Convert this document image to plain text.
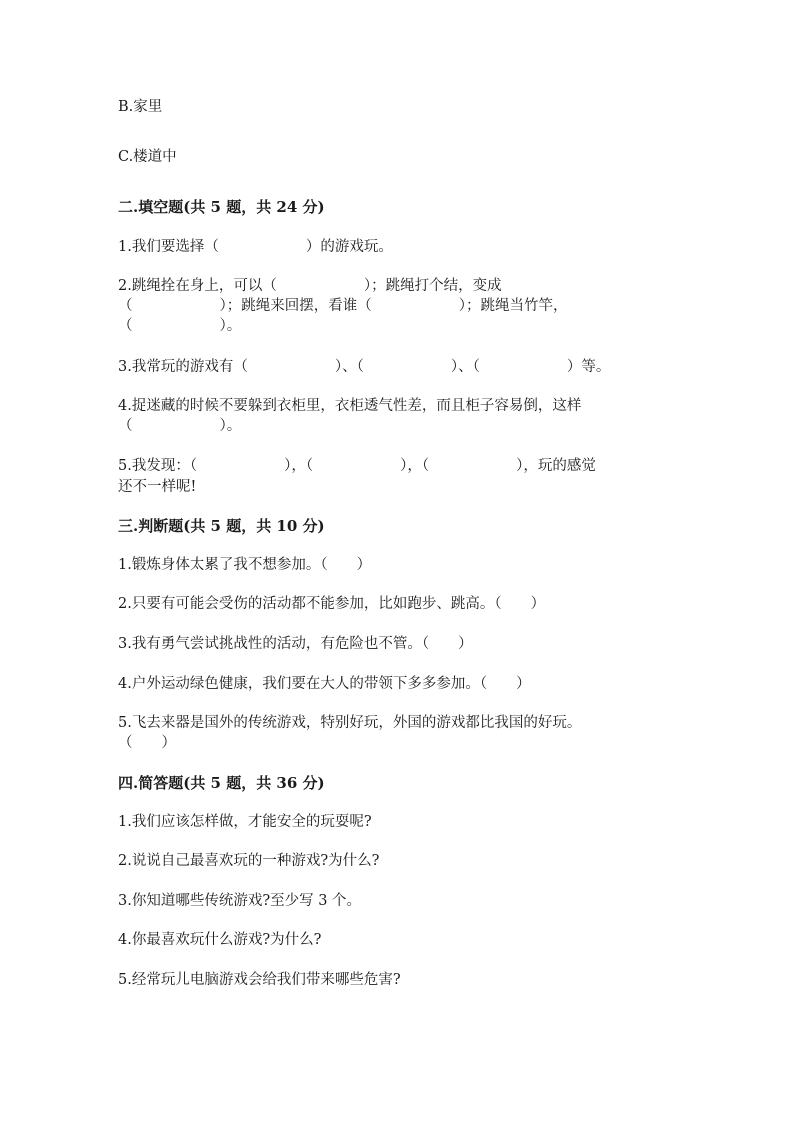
B.家里
C.楼道中
二.填空题(共 5 题，共 24 分)
1.我们要选择（　　　　　　）的游戏玩。
2.跳绳拴在身上，可以（　　　　　　）；跳绳打个结，变成
（　　　　　　）；跳绳来回摆，看谁（　　　　　　）；跳绳当竹竿，
（　　　　　　）。
3.我常玩的游戏有（　　　　　　）、（　　　　　　）、（　　　　　　）等。
4.捉迷藏的时候不要躲到衣柜里，衣柜透气性差，而且柜子容易倒，这样
（　　　　　　）。
5.我发现：（　　　　　　），（　　　　　　），（　　　　　　），玩的感觉
还不一样呢!
三.判断题(共 5 题，共 10 分)
1.锻炼身体太累了我不想参加。（　　）
2.只要有可能会受伤的活动都不能参加，比如跑步、跳高。（　　）
3.我有勇气尝试挑战性的活动，有危险也不管。（　　）
4.户外运动绿色健康，我们要在大人的带领下多多参加。（　　）
5.飞去来器是国外的传统游戏，特别好玩，外国的游戏都比我国的好玩。
（　　）
四.简答题(共 5 题，共 36 分)
1.我们应该怎样做，才能安全的玩耍呢?
2.说说自己最喜欢玩的一种游戏?为什么?
3.你知道哪些传统游戏?至少写 3 个。
4.你最喜欢玩什么游戏?为什么?
5.经常玩儿电脑游戏会给我们带来哪些危害?
